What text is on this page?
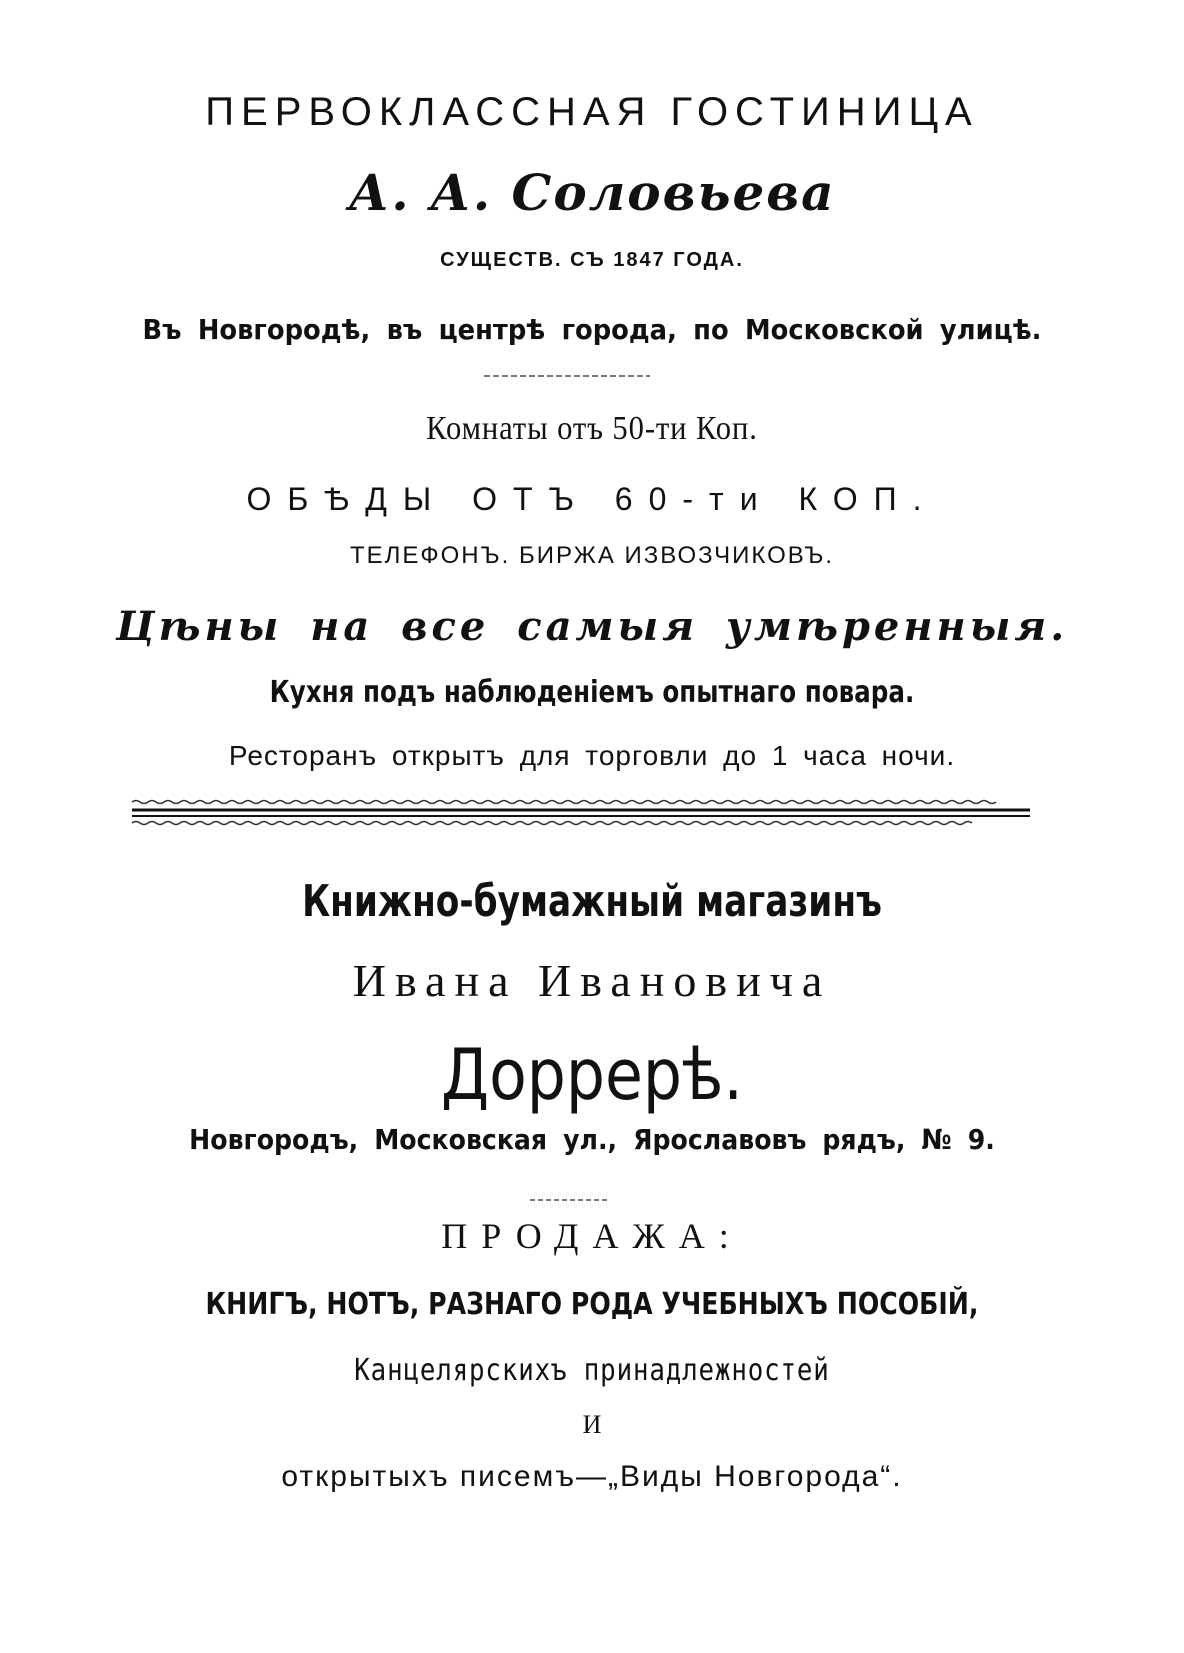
ПЕРВОКЛАССНАЯ ГОСТИНИЦА
А. А. Соловьева
СУЩЕСТВ. СЪ 1847 ГОДА.
Въ Новгородѣ, въ центрѣ города, по Московской улицѣ.
Комнаты отъ 50-ти Коп.
ОБѢДЫ ОТЪ 60-ти КОП.
ТЕЛЕФОНЪ. БИРЖА ИЗВОЗЧИКОВЪ.
Цѣны на все самыя умѣренныя.
Кухня подъ наблюденіемъ опытнаго повара.
Ресторанъ открытъ для торговли до 1 часа ночи.
Книжно-бумажный магазинъ
Ивана Ивановича
Доррерѣ.
Новгородъ, Московская ул., Ярославовъ рядъ, № 9.
ПРОДАЖА:
КНИГЪ, НОТЪ, РАЗНАГО РОДА УЧЕБНЫХЪ ПОСОБІЙ,
Канцелярскихъ принадлежностей
И
открытыхъ писемъ—„Виды Новгорода“.
